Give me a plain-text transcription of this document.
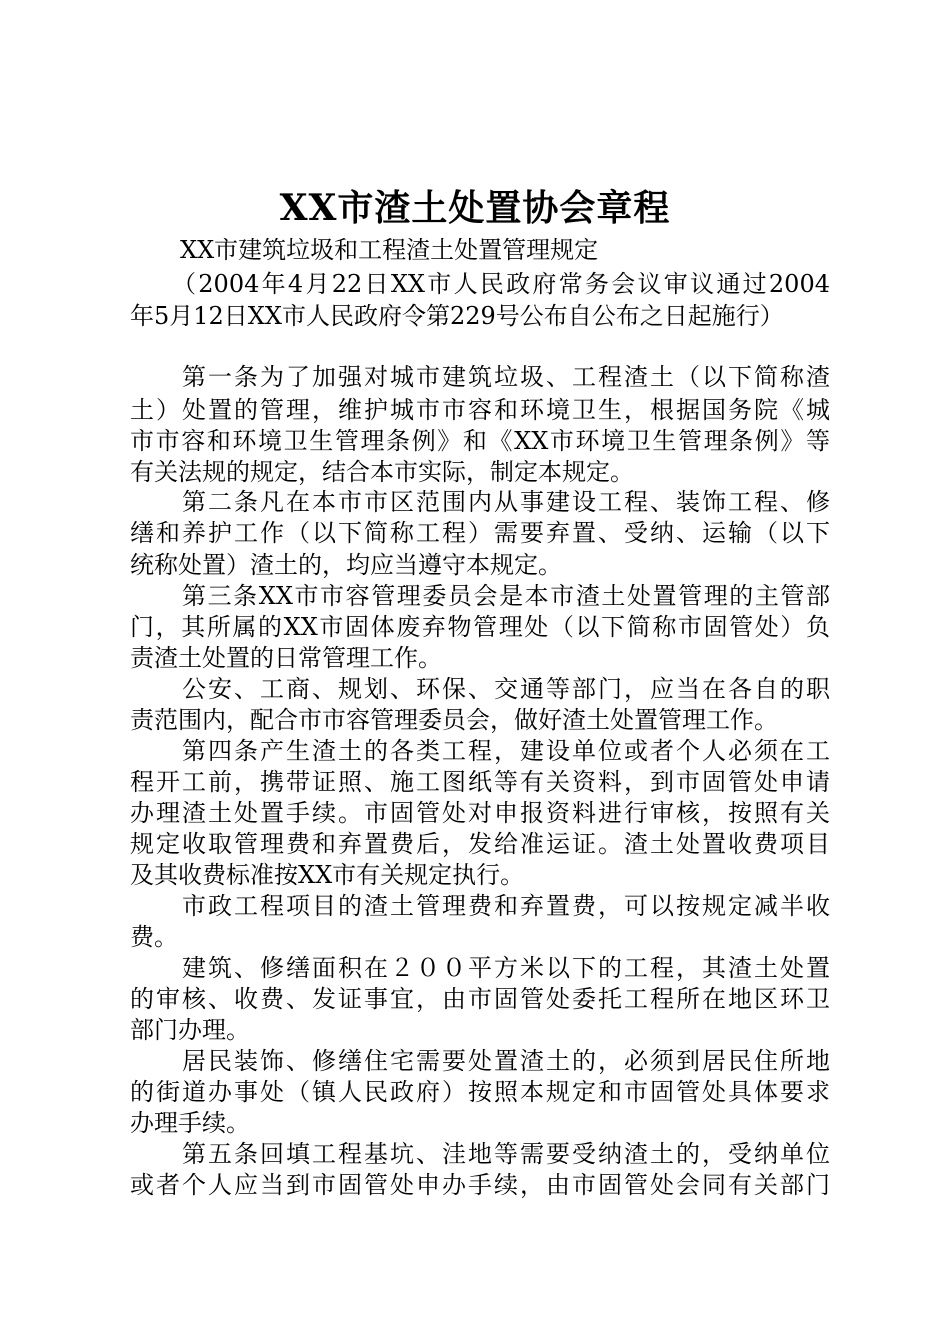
XX市渣土处置协会章程
XX市建筑垃圾和工程渣土处置管理规定
（2004年4月22日XX市人民政府常务会议审议通过2004
年5月12日XX市人民政府令第229号公布自公布之日起施行）
第一条为了加强对城市建筑垃圾、工程渣土（以下简称渣
土）处置的管理，维护城市市容和环境卫生，根据国务院《城
市市容和环境卫生管理条例》和《XX市环境卫生管理条例》等
有关法规的规定，结合本市实际，制定本规定。
第二条凡在本市市区范围内从事建设工程、装饰工程、修
缮和养护工作（以下简称工程）需要弃置、受纳、运输（以下
统称处置）渣土的，均应当遵守本规定。
第三条XX市市容管理委员会是本市渣土处置管理的主管部
门，其所属的XX市固体废弃物管理处（以下简称市固管处）负
责渣土处置的日常管理工作。
公安、工商、规划、环保、交通等部门，应当在各自的职
责范围内，配合市市容管理委员会，做好渣土处置管理工作。
第四条产生渣土的各类工程，建设单位或者个人必须在工
程开工前，携带证照、施工图纸等有关资料，到市固管处申请
办理渣土处置手续。市固管处对申报资料进行审核，按照有关
规定收取管理费和弃置费后，发给准运证。渣土处置收费项目
及其收费标准按XX市有关规定执行。
市政工程项目的渣土管理费和弃置费，可以按规定减半收
费。
建筑、修缮面积在２００平方米以下的工程，其渣土处置
的审核、收费、发证事宜，由市固管处委托工程所在地区环卫
部门办理。
居民装饰、修缮住宅需要处置渣土的，必须到居民住所地
的街道办事处（镇人民政府）按照本规定和市固管处具体要求
办理手续。
第五条回填工程基坑、洼地等需要受纳渣土的，受纳单位
或者个人应当到市固管处申办手续，由市固管处会同有关部门
